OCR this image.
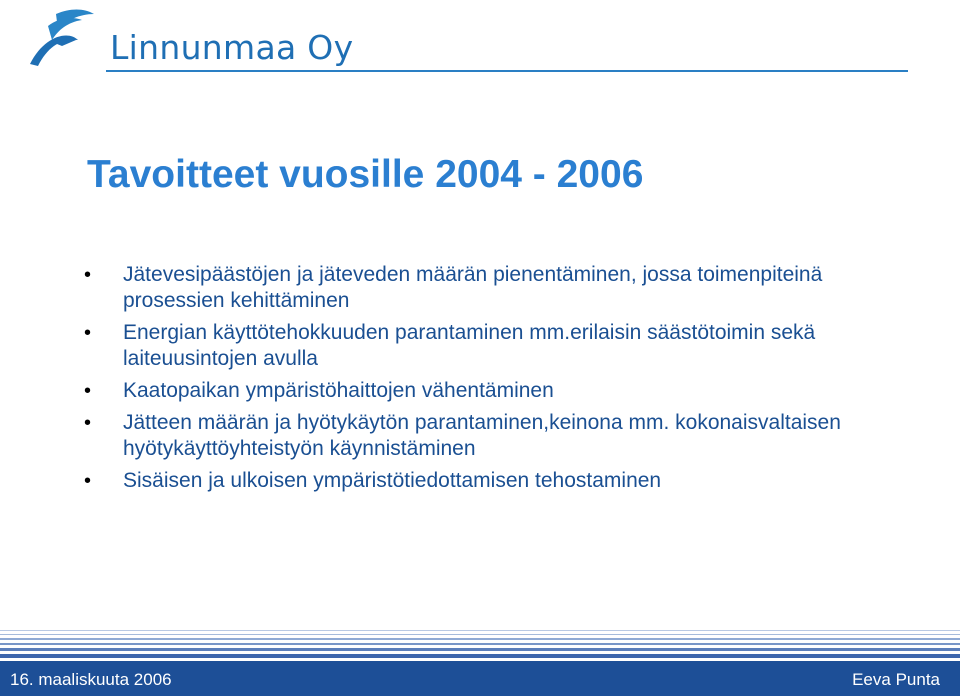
Linnunmaa Oy
Tavoitteet vuosille 2004 - 2006
• Jätevesipäästöjen ja jäteveden määrän pienentäminen, jossa toimenpiteinä prosessien kehittäminen
• Energian käyttötehokkuuden parantaminen mm.erilaisin säästötoimin sekä laiteuusintojen avulla
• Kaatopaikan ympäristöhaittojen vähentäminen
• Jätteen määrän ja hyötykäytön parantaminen,keinona mm. kokonaisvaltaisen hyötykäyttöyhteistyön käynnistäminen
• Sisäisen ja ulkoisen ympäristötiedottamisen tehostaminen
16. maaliskuuta 2006	Eeva Punta
